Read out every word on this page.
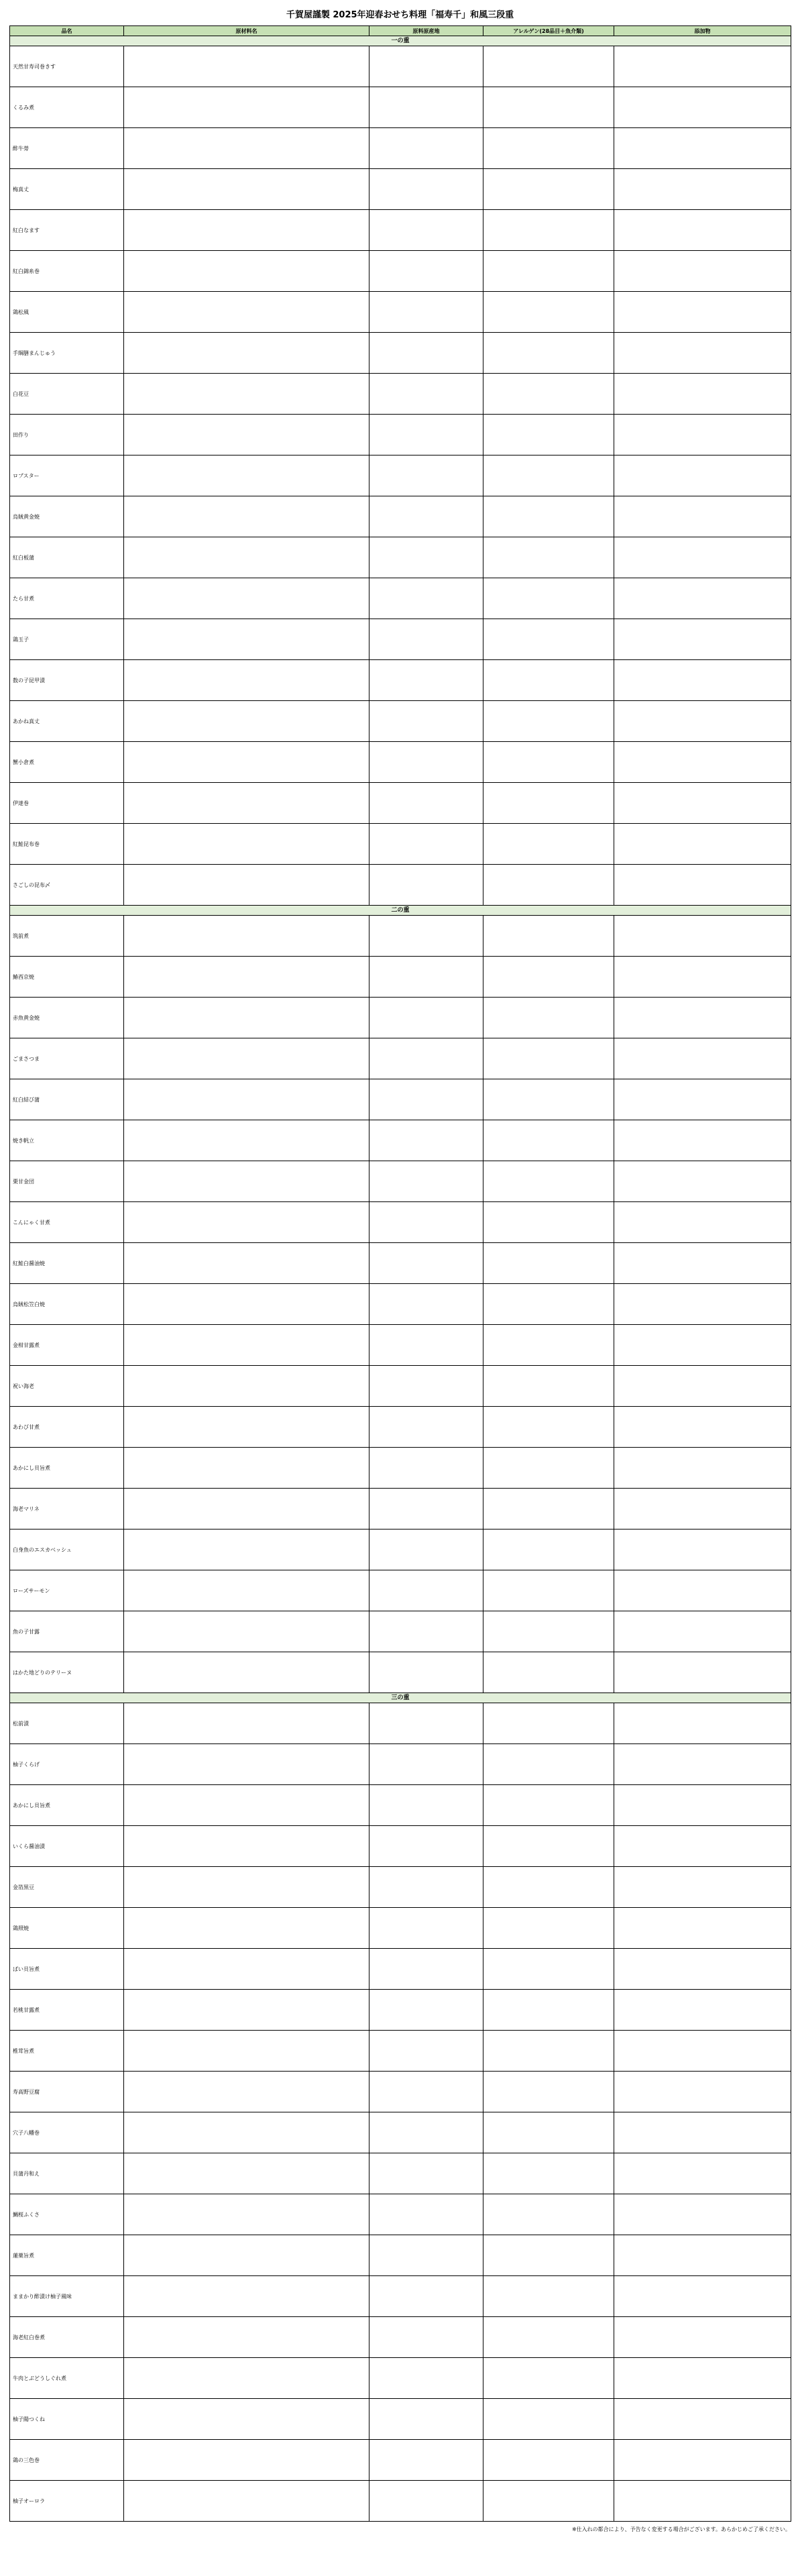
千賀屋謹製 2025年迎春おせち料理「福寿千」和風三段重
品名	原材料名	原料原産地	アレルゲン(28品目＋魚介類)	添加物
一の重				
天然甘寿司巻きす				
くるみ煮				
酢牛蒡				
梅真丈				
紅白なます				
紅白錦糸巻				
鶏松風				
手綱膳まんじゅう				
白花豆				
田作り				
ロブスター				
烏賊黄金焼				
紅白板蒲				
たら甘煮				
鶏玉子				
数の子昆甲漬				
あかね真丈				
蟹小倉煮				
伊達巻				
紅鮭昆布巻				
さごしの昆布〆				
二の重				
筑前煮				
鰆西京焼				
赤魚黄金焼				
ごまさつま				
紅白結び蒲				
焼き帆立				
栗甘金団				
こんにゃく甘煮				
紅鮭白醤油焼				
烏賊松笠白焼				
金柑甘露煮				
祝い海老				
あわび甘煮				
あかにし貝旨煮				
海老マリネ				
白身魚のエスカベッシュ				
ローズサーモン				
魚の子甘露				
はかた地どりのテリーヌ				
三の重				
松前漬				
柚子くらげ				
あかにし貝旨煮				
いくら醤油漬				
金箔黒豆				
鶏照焼				
ばい貝旨煮				
若桃甘露煮				
椎茸旨煮				
寿高野豆腐				
穴子八幡巻				
貝蒲丹和え				
鯛桜ふくさ				
蓮薬旨煮				
ままかり酢漬け柚子風味				
海老紅白巻煮				
牛肉とぶどうしぐれ煮				
柚子陽つくね				
鶏の三色巻				
柚子オーロラ				
※仕入れの都合により、予告なく変更する場合がございます。あらかじめご了承ください。
